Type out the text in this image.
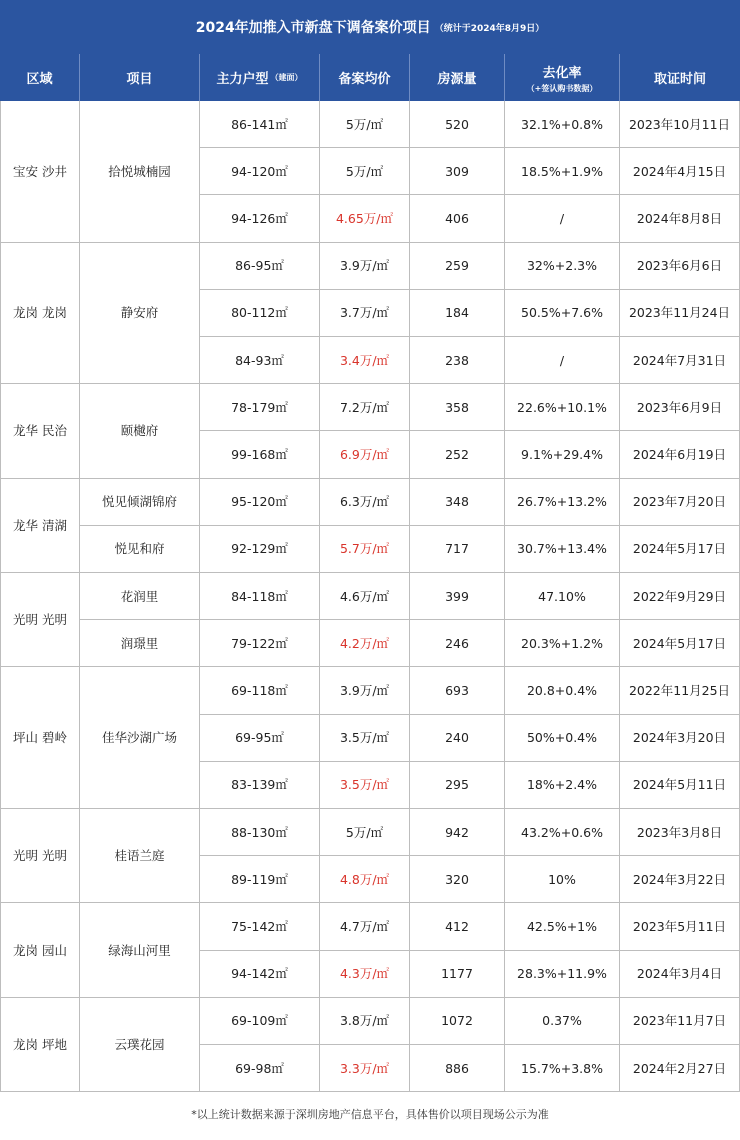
2024年加推入市新盘下调备案价项目 （统计于2024年8月9日）
区域	项目	主力户型 （建面）	备案均价	房源量	去化率
（+签认购书数据）
取证时间
宝安 沙井	拾悦城楠园
86-141㎡	5万/㎡	520	32.1%+0.8%	2023年10月11日
94-120㎡	5万/㎡	309	18.5%+1.9%	2024年4月15日
94-126㎡	4.65万/㎡	406	/	2024年8月8日
龙岗 龙岗	静安府
86-95㎡	3.9万/㎡	259	32%+2.3%	2023年6月6日
80-112㎡	3.7万/㎡	184	50.5%+7.6%	2023年11月24日
84-93㎡	3.4万/㎡	238	/	2024年7月31日
龙华 民治	颐樾府
78-179㎡	7.2万/㎡	358	22.6%+10.1%	2023年6月9日
99-168㎡	6.9万/㎡	252	9.1%+29.4%	2024年6月19日
龙华 清湖
悦见倾湖锦府	95-120㎡	6.3万/㎡	348	26.7%+13.2%	2023年7月20日
悦见和府	92-129㎡	5.7万/㎡	717	30.7%+13.4%	2024年5月17日
光明 光明
花润里	84-118㎡	4.6万/㎡	399	47.10%	2022年9月29日
润璟里	79-122㎡	4.2万/㎡	246	20.3%+1.2%	2024年5月17日
坪山 碧岭	佳华沙湖广场
69-118㎡	3.9万/㎡	693	20.8+0.4%	2022年11月25日
69-95㎡	3.5万/㎡	240	50%+0.4%	2024年3月20日
83-139㎡	3.5万/㎡	295	18%+2.4%	2024年5月11日
光明 光明	桂语兰庭
88-130㎡	5万/㎡	942	43.2%+0.6%	2023年3月8日
89-119㎡	4.8万/㎡	320	10%	2024年3月22日
龙岗 园山	绿海山河里
75-142㎡	4.7万/㎡	412	42.5%+1%	2023年5月11日
94-142㎡	4.3万/㎡	1177	28.3%+11.9%	2024年3月4日
龙岗 坪地	云璞花园
69-109㎡	3.8万/㎡	1072	0.37%	2023年11月7日
69-98㎡	3.3万/㎡	886	15.7%+3.8%	2024年2月27日
*以上统计数据来源于深圳房地产信息平台，具体售价以项目现场公示为准
